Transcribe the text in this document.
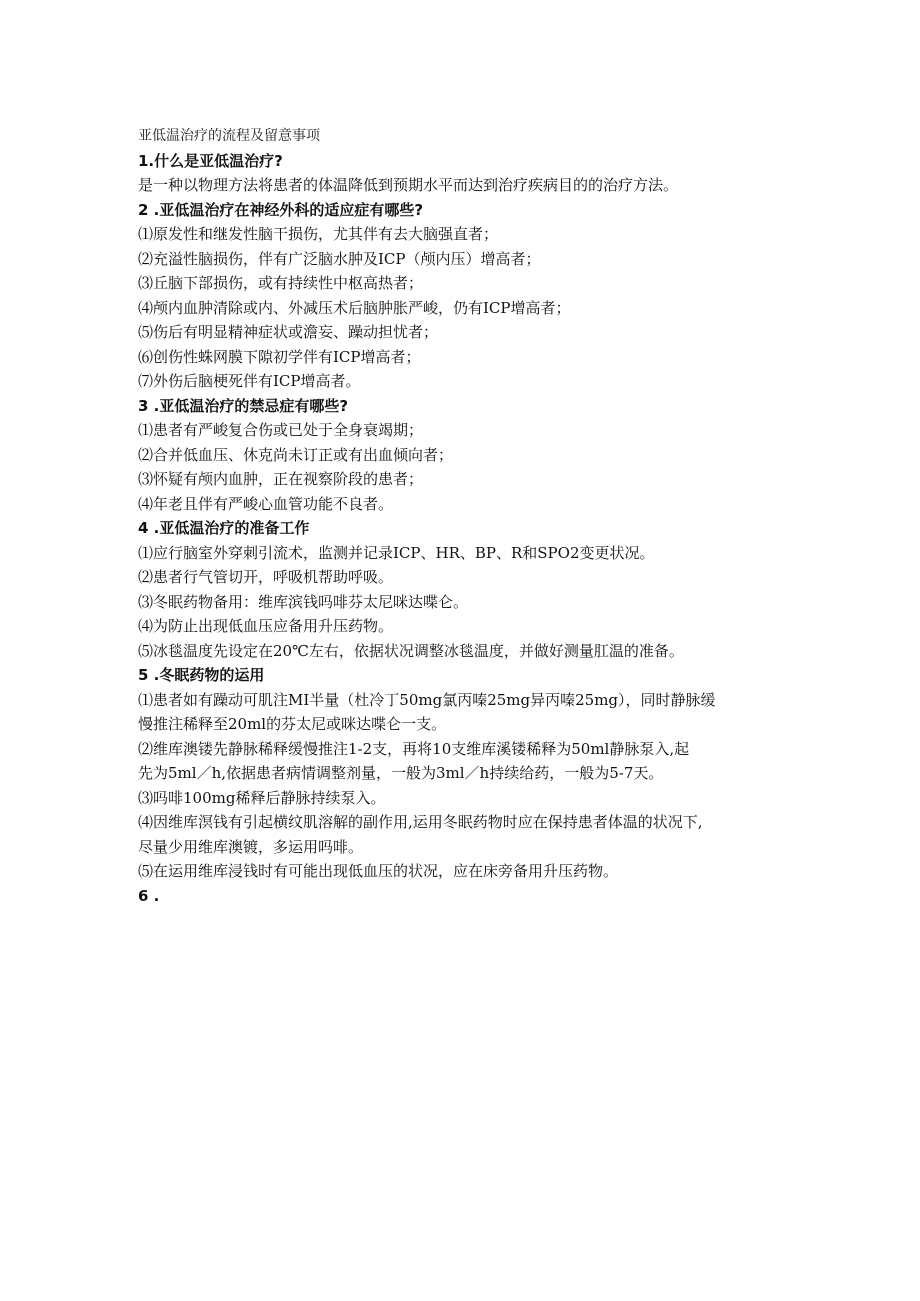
亚低温治疗的流程及留意事项

1.什么是亚低温治疗?

是一种以物理方法将患者的体温降低到预期水平而达到治疗疾病目的的治疗方法。

2 .亚低温治疗在神经外科的适应症有哪些?

⑴原发性和继发性脑干损伤，尤其伴有去大脑强直者；

⑵充溢性脑损伤，伴有广泛脑水肿及ICP（颅内压）增高者；

⑶丘脑下部损伤，或有持续性中枢高热者；

⑷颅内血肿清除或内、外减压术后脑肿胀严峻，仍有ICP增高者；

⑸伤后有明显精神症状或澹妄、躁动担忧者；

⑹创伤性蛛网膜下隙初学伴有ICP增高者；

⑺外伤后脑梗死伴有ICP增高者。

3 .亚低温治疗的禁忌症有哪些?

⑴患者有严峻复合伤或已处于全身衰竭期；

⑵合并低血压、休克尚未订正或有出血倾向者；

⑶怀疑有颅内血肿，正在视察阶段的患者；

⑷年老且伴有严峻心血管功能不良者。

4 .亚低温治疗的准备工作

⑴应行脑室外穿刺引流术，监测并记录ICP、HR、BP、R和SPO2变更状况。

⑵患者行气管切开，呼吸机帮助呼吸。

⑶冬眠药物备用：维库滨钱吗啡芬太尼咪达喋仑。

⑷为防止出现低血压应备用升压药物。

⑸冰毯温度先设定在20℃左右，依据状况调整冰毯温度，并做好测量肛温的准备。

5 .冬眠药物的运用

⑴患者如有躁动可肌注MI半量（杜冷丁50mg氯丙嗪25mg异丙嗪25mg），同时静脉缓

慢推注稀释至20ml的芬太尼或咪达喋仑一支。

⑵维库澳镂先静脉稀释缓慢推注1-2支，再将10支维库溪镂稀释为50ml静脉泵入,起

先为5ml／h,依据患者病情调整剂量，一般为3ml／h持续给药，一般为5-7天。

⑶吗啡100mg稀释后静脉持续泵入。

⑷因维库溟钱有引起横纹肌溶解的副作用,运用冬眠药物时应在保持患者体温的状况下,

尽量少用维库澳镀，多运用吗啡。

⑸在运用维库浸钱时有可能出现低血压的状况，应在床旁备用升压药物。

6 .
